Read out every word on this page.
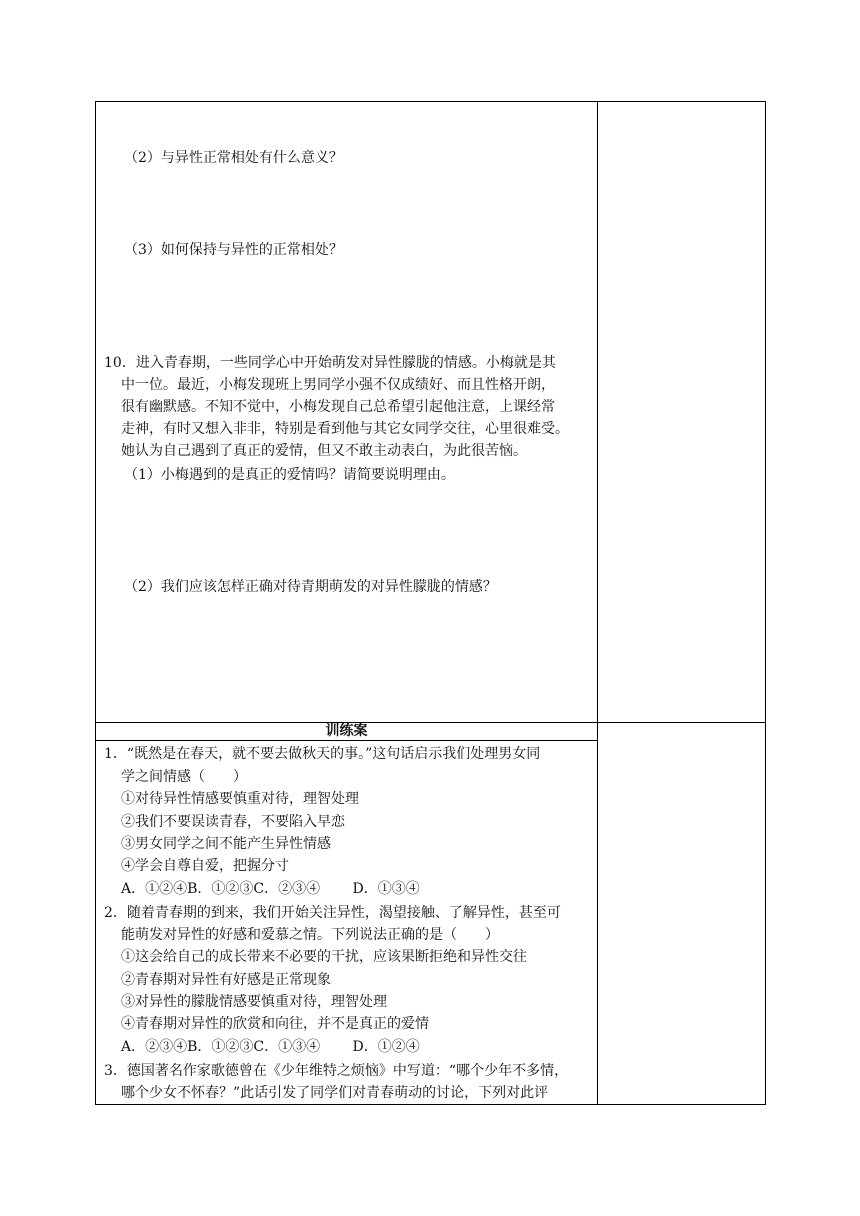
训练案
（2）与异性正常相处有什么意义？
（3）如何保持与异性的正常相处？
10．进入青春期，一些同学心中开始萌发对异性朦胧的情感。小梅就是其
中一位。最近，小梅发现班上男同学小强不仅成绩好、而且性格开朗，
很有幽默感。不知不觉中，小梅发现自己总希望引起他注意，上课经常
走神，有时又想入非非，特别是看到他与其它女同学交往，心里很难受。
她认为自己遇到了真正的爱情，但又不敢主动表白，为此很苦恼。
（1）小梅遇到的是真正的爱情吗？请简要说明理由。
（2）我们应该怎样正确对待青期萌发的对异性朦胧的情感？
1．“既然是在春天，就不要去做秋天的事。”这句话启示我们处理男女同
学之间情感（　　）
①对待异性情感要慎重对待，理智处理
②我们不要误读青春，不要陷入早恋
③男女同学之间不能产生异性情感
④学会自尊自爱，把握分寸
A．①②④B．①②③C．②③④　　 D．①③④
2．随着青春期的到来，我们开始关注异性，渴望接触、了解异性，甚至可
能萌发对异性的好感和爱慕之情。下列说法正确的是（　　）
①这会给自己的成长带来不必要的干扰，应该果断拒绝和异性交往
②青春期对异性有好感是正常现象
③对异性的朦胧情感要慎重对待，理智处理
④青春期对异性的欣赏和向往，并不是真正的爱情
A．②③④B．①②③C．①③④　　 D．①②④
3．德国著名作家歌德曾在《少年维特之烦恼》中写道：“哪个少年不多情，
哪个少女不怀春？”此话引发了同学们对青春萌动的讨论，下列对此评
